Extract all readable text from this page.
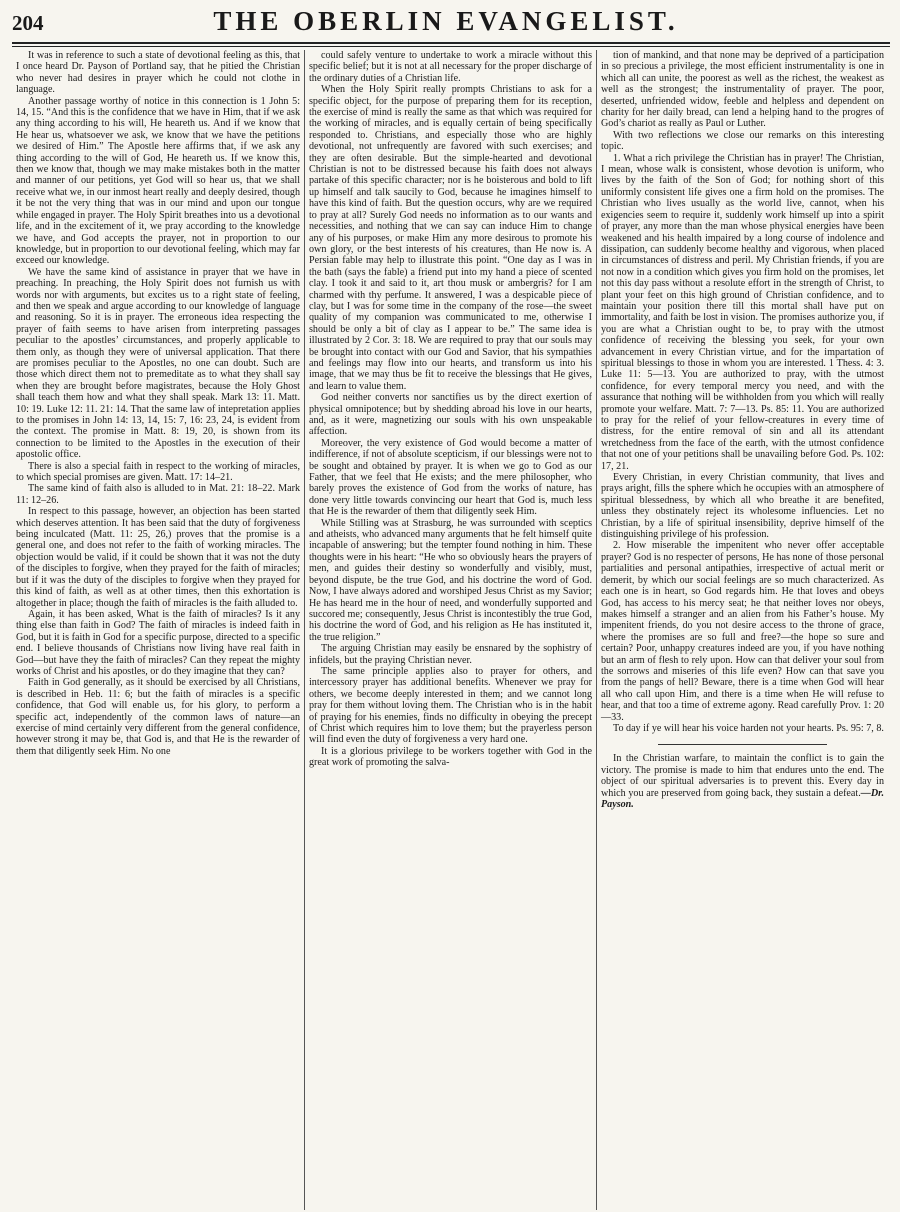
204	THE OBERLIN EVANGELIST.

It was in reference to such a state of devotional feeling as this, that I once heard Dr. Payson of Portland say, that he pitied the Christian who never had desires in prayer which he could not clothe in language.

Another passage worthy of notice in this connection is 1 John 5: 14, 15. “And this is the confidence that we have in Him, that if we ask any thing according to his will, He heareth us. And if we know that He hear us, whatsoever we ask, we know that we have the petitions we desired of Him.” The Apostle here affirms that, if we ask any thing according to the will of God, He heareth us. If we know this, then we know that, though we may make mistakes both in the matter and manner of our petitions, yet God will so hear us, that we shall receive what we, in our inmost heart really and deeply desired, though it be not the very thing that was in our mind and upon our tongue while engaged in prayer. The Holy Spirit breathes into us a devotional life, and in the excitement of it, we pray according to the knowledge we have, and God accepts the prayer, not in proportion to our knowledge, but in proportion to our devotional feeling, which may far exceed our knowledge.

We have the same kind of assistance in prayer that we have in preaching. In preaching, the Holy Spirit does not furnish us with words nor with arguments, but excites us to a right state of feeling, and then we speak and argue according to our knowledge of language and reasoning. So it is in prayer. The erroneous idea respecting the prayer of faith seems to have arisen from interpreting passages peculiar to the apostles’ circumstances, and properly applicable to them only, as though they were of universal application. That there are promises peculiar to the Apostles, no one can doubt. Such are those which direct them not to premeditate as to what they shall say when they are brought before magistrates, because the Holy Ghost shall teach them how and what they shall speak. Mark 13: 11. Matt. 10: 19. Luke 12: 11. 21: 14. That the same law of intepretation applies to the promises in John 14: 13, 14, 15: 7, 16: 23, 24, is evident from the context. The promise in Matt. 8: 19, 20, is shown from its connection to be limited to the Apostles in the execution of their apostolic office.

There is also a special faith in respect to the working of miracles, to which special promises are given. Matt. 17: 14–21.

The same kind of faith also is alluded to in Mat. 21: 18–22. Mark 11: 12–26.

In respect to this passage, however, an objection has been started which deserves attention. It has been said that the duty of forgiveness being inculcated (Matt. 11: 25, 26,) proves that the promise is a general one, and does not refer to the faith of working miracles. The objection would be valid, if it could be shown that it was not the duty of the disciples to forgive, when they prayed for the faith of miracles; but if it was the duty of the disciples to forgive when they prayed for this kind of faith, as well as at other times, then this exhortation is altogether in place; though the faith of miracles is the faith alluded to.

Again, it has been asked, What is the faith of miracles? Is it any thing else than faith in God? The faith of miracles is indeed faith in God, but it is faith in God for a specific purpose, directed to a specific end. I believe thousands of Christians now living have real faith in God—but have they the faith of miracles? Can they repeat the mighty works of Christ and his apostles, or do they imagine that they can?

Faith in God generally, as it should be exercised by all Christians, is described in Heb. 11: 6; but the faith of miracles is a specific confidence, that God will enable us, for his glory, to perform a specific act, independently of the common laws of nature—an exercise of mind certainly very different from the general confidence, however strong it may be, that God is, and that He is the rewarder of them that diligently seek Him. No one

could safely venture to undertake to work a miracle without this specific belief; but it is not at all necessary for the proper discharge of the ordinary duties of a Christian life.

When the Holy Spirit really prompts Christians to ask for a specific object, for the purpose of preparing them for its reception, the exercise of mind is really the same as that which was required for the working of miracles, and is equally certain of being specifically responded to. Christians, and especially those who are highly devotional, not unfrequently are favored with such exercises; and they are often desirable. But the simple-hearted and devotional Christian is not to be distressed because his faith does not always partake of this specific character; nor is he boisterous and bold to lift up himself and talk saucily to God, because he imagines himself to have this kind of faith. But the question occurs, why are we required to pray at all? Surely God needs no information as to our wants and necessities, and nothing that we can say can induce Him to change any of his purposes, or make Him any more desirous to promote his own glory, or the best interests of his creatures, than He now is. A Persian fable may help to illustrate this point. “One day as I was in the bath (says the fable) a friend put into my hand a piece of scented clay. I took it and said to it, art thou musk or ambergris? for I am charmed with thy perfume. It answered, I was a despicable piece of clay, but I was for some time in the company of the rose—the sweet quality of my companion was communicated to me, otherwise I should be only a bit of clay as I appear to be.” The same idea is illustrated by 2 Cor. 3: 18. We are required to pray that our souls may be brought into contact with our God and Savior, that his sympathies and feelings may flow into our hearts, and transform us into his image, that we may thus be fit to receive the blessings that He gives, and learn to value them.

God neither converts nor sanctifies us by the direct exertion of physical omnipotence; but by shedding abroad his love in our hearts, and, as it were, magnetizing our souls with his own unspeakable affection.

Moreover, the very existence of God would become a matter of indifference, if not of absolute scepticism, if our blessings were not to be sought and obtained by prayer. It is when we go to God as our Father, that we feel that He exists; and the mere philosopher, who barely proves the existence of God from the works of nature, has done very little towards convincing our heart that God is, much less that He is the rewarder of them that diligently seek Him.

While Stilling was at Strasburg, he was surrounded with sceptics and atheists, who advanced many arguments that he felt himself quite incapable of answering; but the tempter found nothing in him. These thoughts were in his heart: “He who so obviously hears the prayers of men, and guides their destiny so wonderfully and visibly, must, beyond dispute, be the true God, and his doctrine the word of God. Now, I have always adored and worshiped Jesus Christ as my Savior; He has heard me in the hour of need, and wonderfully supported and succored me; consequently, Jesus Christ is incontestibly the true God, his doctrine the word of God, and his religion as He has instituted it, the true religion.”

The arguing Christian may easily be ensnared by the sophistry of infidels, but the praying Christian never.

The same principle applies also to prayer for others, and intercessory prayer has additional benefits. Whenever we pray for others, we become deeply interested in them; and we cannot long pray for them without loving them. The Christian who is in the habit of praying for his enemies, finds no difficulty in obeying the precept of Christ which requires him to love them; but the prayerless person will find even the duty of forgiveness a very hard one.

It is a glorious privilege to be workers together with God in the great work of promoting the salva-

tion of mankind, and that none may be deprived of a participation in so precious a privilege, the most efficient instrumentality is one in which all can unite, the poorest as well as the richest, the weakest as well as the strongest; the instrumentality of prayer. The poor, deserted, unfriended widow, feeble and helpless and dependent on charity for her daily bread, can lend a helping hand to the progres of God’s chariot as really as Paul or Luther.

With two reflections we close our remarks on this interesting topic.

1. What a rich privilege the Christian has in prayer! The Christian, I mean, whose walk is consistent, whose devotion is uniform, who lives by the faith of the Son of God; for nothing short of this uniformly consistent life gives one a firm hold on the promises. The Christian who lives usually as the world live, cannot, when his exigencies seem to require it, suddenly work himself up into a spirit of prayer, any more than the man whose physical energies have been weakened and his health impaired by a long course of indolence and dissipation, can suddenly become healthy and vigorous, when placed in circumstances of distress and peril. My Christian friends, if you are not now in a condition which gives you firm hold on the promises, let not this day pass without a resolute effort in the strength of Christ, to plant your feet on this high ground of Christian confidence, and to maintain your position there till this mortal shall have put on immortality, and faith be lost in vision. The promises authorize you, if you are what a Christian ought to be, to pray with the utmost confidence of receiving the blessing you seek, for your own advancement in every Christian virtue, and for the impartation of spiritual blessings to those in whom you are interested. 1 Thess. 4: 3. Luke 11: 5—13. You are authorized to pray, with the utmost confidence, for every temporal mercy you need, and with the assurance that nothing will be withholden from you which will really promote your welfare. Matt. 7: 7—13. Ps. 85: 11. You are authorized to pray for the relief of your fellow-creatures in every time of distress, for the entire removal of sin and all its attendant wretchedness from the face of the earth, with the utmost confidence that not one of your petitions shall be unavailing before God. Ps. 102: 17, 21.

Every Christian, in every Christian community, that lives and prays aright, fills the sphere which he occupies with an atmosphere of spiritual blessedness, by which all who breathe it are benefited, unless they obstinately reject its wholesome influencies. Let no Christian, by a life of spiritual insensibility, deprive himself of the distinguishing privilege of his profession.

2. How miserable the impenitent who never offer acceptable prayer? God is no respecter of persons, He has none of those personal partialities and personal antipathies, irrespective of actual merit or demerit, by which our social feelings are so much characterized. As each one is in heart, so God regards him. He that loves and obeys God, has access to his mercy seat; he that neither loves nor obeys, makes himself a stranger and an alien from his Father’s house. My impenitent friends, do you not desire access to the throne of grace, where the promises are so full and free?—the hope so sure and certain? Poor, unhappy creatures indeed are you, if you have nothing but an arm of flesh to rely upon. How can that deliver your soul from the sorrows and miseries of this life even? How can that save you from the pangs of hell? Beware, there is a time when God will hear all who call upon Him, and there is a time when He will refuse to hear, and that too a time of extreme agony. Read carefully Prov. 1: 20—33.

To day if ye will hear his voice harden not your hearts. Ps. 95: 7, 8.

In the Christian warfare, to maintain the conflict is to gain the victory. The promise is made to him that endures unto the end. The object of our spiritual adversaries is to prevent this. Every day in which you are preserved from going back, they sustain a defeat.—Dr. Payson.
